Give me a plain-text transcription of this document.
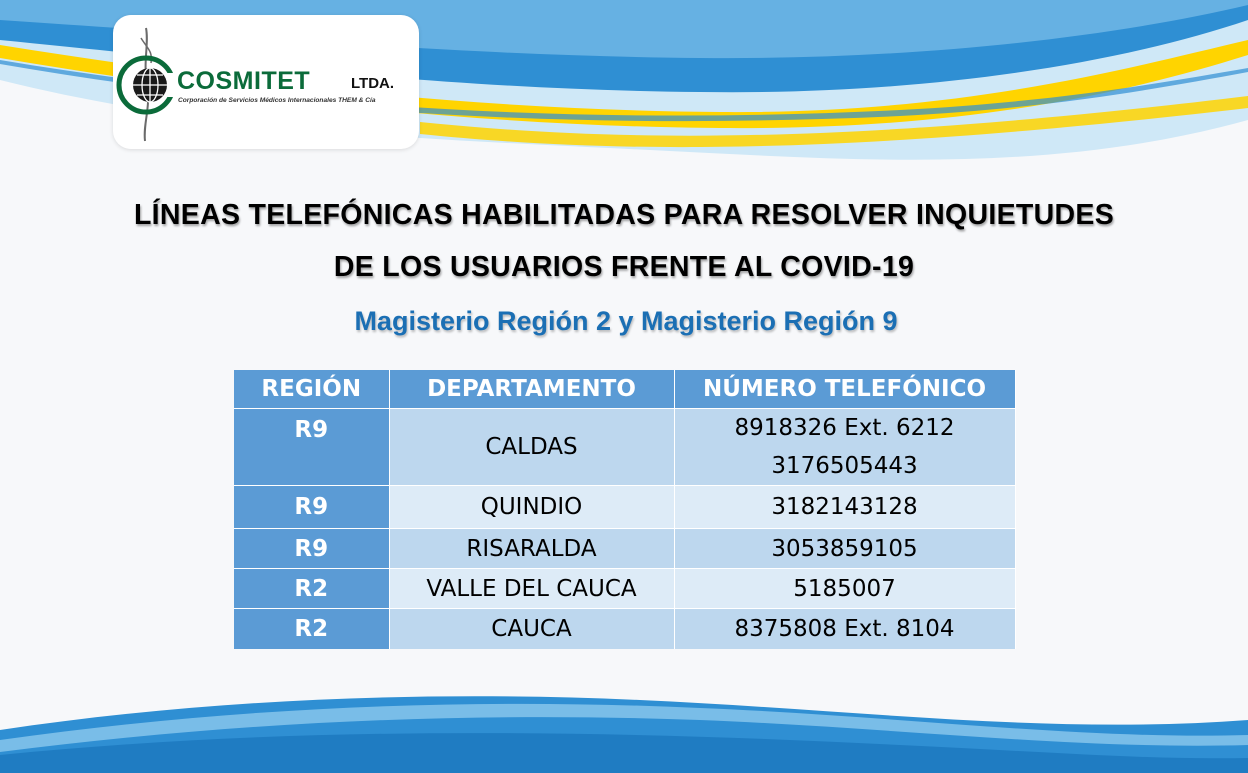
COSMITET	LTDA.
Corporación de Servicios Médicos Internacionales THEM & Cía
LÍNEAS TELEFÓNICAS HABILITADAS PARA RESOLVER INQUIETUDES
DE LOS USUARIOS FRENTE AL COVID-19
Magisterio Región 2 y Magisterio Región 9
REGIÓN	DEPARTAMENTO	NÚMERO TELEFÓNICO
R9	CALDAS	8918326 Ext. 6212
3176505443

R9	QUINDIO	3182143128
R9	RISARALDA	3053859105
R2	VALLE DEL CAUCA	5185007
R2	CAUCA	8375808 Ext. 8104
